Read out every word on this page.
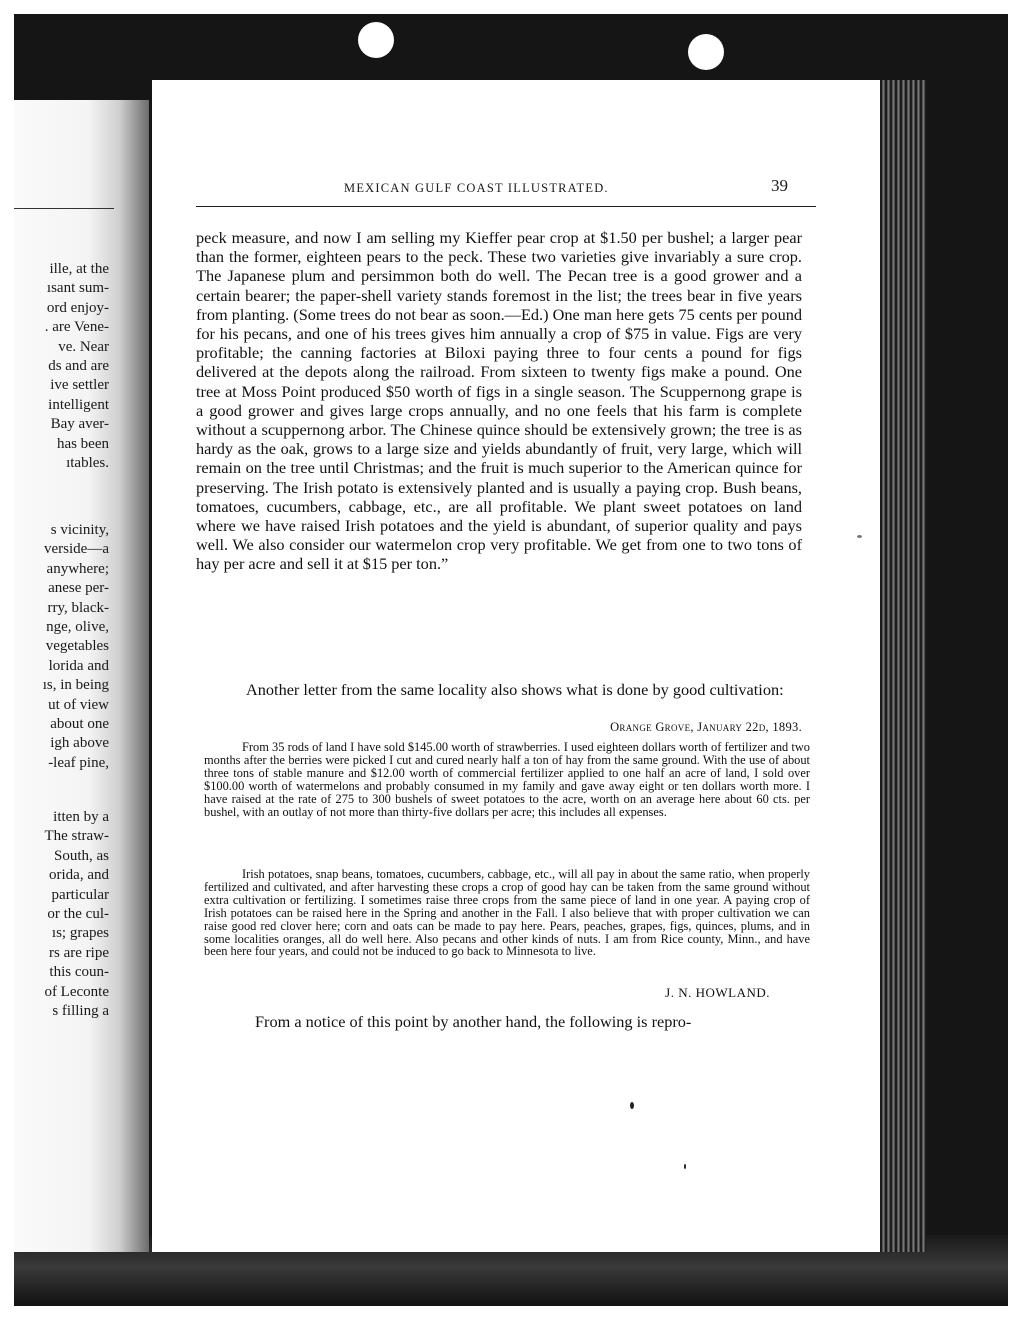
ille, at the
ısant sum-
ord enjoy-
. are Vene-
ve. Near
ds and are
ive settler
intelligent
Bay aver-
has been
ıtables.
s vicinity,
verside—a
anywhere;
anese per-
rry, black-
nge, olive,
vegetables
lorida and
ıs, in being
ut of view
about one
igh above
-leaf pine,
itten by a
The straw-
South, as
orida, and
particular
or the cul-
ıs; grapes
rs are ripe
this coun-
of Leconte
s filling a
MEXICAN GULF COAST ILLUSTRATED.	39

peck measure, and now I am selling my Kieffer pear crop at $1.50 per bushel; a larger pear than the former, eighteen pears to the peck. These two varieties give invariably a sure crop. The Japanese plum and persimmon both do well. The Pecan tree is a good grower and a certain bearer; the paper-shell variety stands foremost in the list; the trees bear in five years from planting. (Some trees do not bear as soon.—Ed.) One man here gets 75 cents per pound for his pecans, and one of his trees gives him annually a crop of $75 in value. Figs are very profitable; the canning factories at Biloxi paying three to four cents a pound for figs delivered at the depots along the railroad. From sixteen to twenty figs make a pound. One tree at Moss Point produced $50 worth of figs in a single season. The Scuppernong grape is a good grower and gives large crops annually, and no one feels that his farm is complete without a scuppernong arbor. The Chinese quince should be extensively grown; the tree is as hardy as the oak, grows to a large size and yields abundantly of fruit, very large, which will remain on the tree until Christmas; and the fruit is much superior to the American quince for preserving. The Irish potato is extensively planted and is usually a paying crop. Bush beans, tomatoes, cucumbers, cabbage, etc., are all profitable. We plant sweet potatoes on land where we have raised Irish potatoes and the yield is abundant, of superior quality and pays well. We also consider our watermelon crop very profitable. We get from one to two tons of hay per acre and sell it at $15 per ton.”

Another letter from the same locality also shows what is done by good cultivation:

Orange Grove, January 22d, 1893.

From 35 rods of land I have sold $145.00 worth of strawberries. I used eighteen dollars worth of fertilizer and two months after the berries were picked I cut and cured nearly half a ton of hay from the same ground. With the use of about three tons of stable manure and $12.00 worth of commercial fertilizer applied to one half an acre of land, I sold over $100.00 worth of watermelons and probably consumed in my family and gave away eight or ten dollars worth more. I have raised at the rate of 275 to 300 bushels of sweet potatoes to the acre, worth on an average here about 60 cts. per bushel, with an outlay of not more than thirty-five dollars per acre; this includes all expenses.

Irish potatoes, snap beans, tomatoes, cucumbers, cabbage, etc., will all pay in about the same ratio, when properly fertilized and cultivated, and after harvesting these crops a crop of good hay can be taken from the same ground without extra cultivation or fertilizing. I sometimes raise three crops from the same piece of land in one year. A paying crop of Irish potatoes can be raised here in the Spring and another in the Fall. I also believe that with proper cultivation we can raise good red clover here; corn and oats can be made to pay here. Pears, peaches, grapes, figs, quinces, plums, and in some localities oranges, all do well here. Also pecans and other kinds of nuts. I am from Rice county, Minn., and have been here four years, and could not be induced to go back to Minnesota to live.

J. N. HOWLAND.
From a notice of this point by another hand, the following is repro-
